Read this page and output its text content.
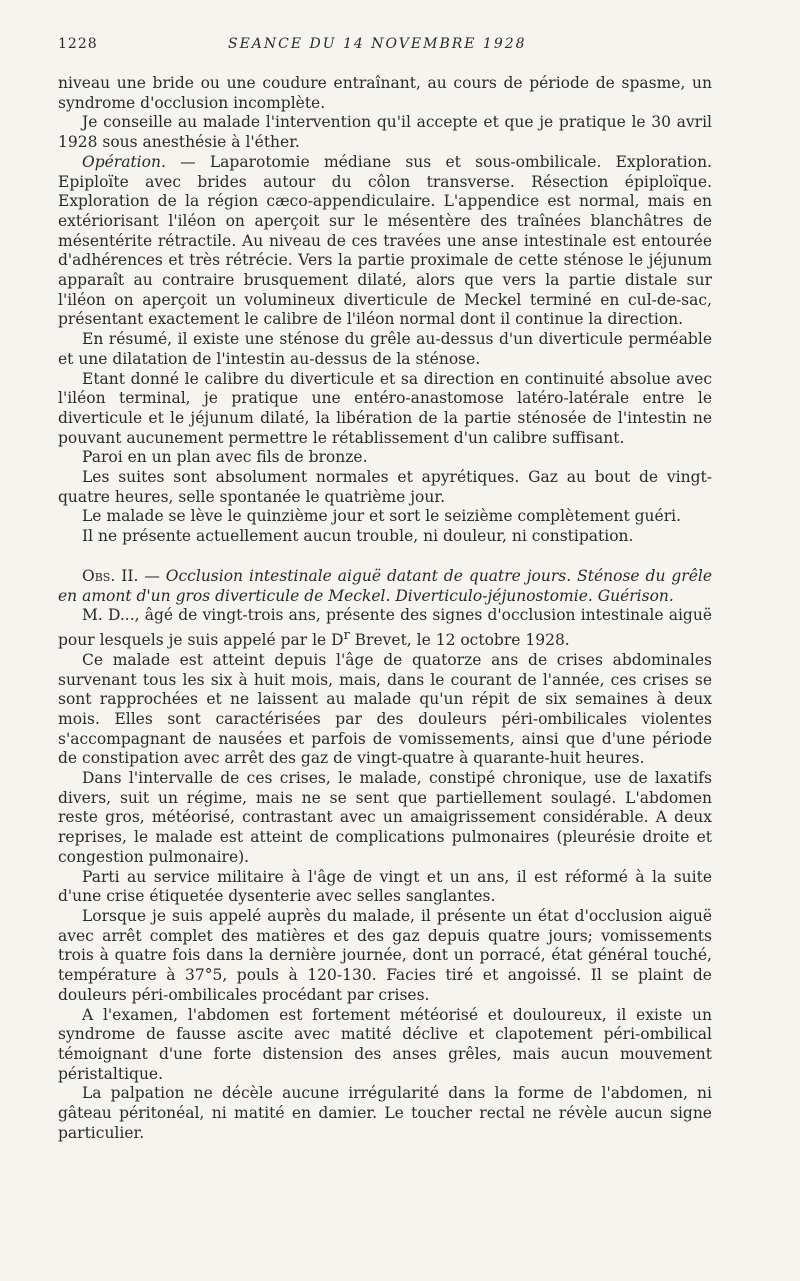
1228	SEANCE DU 14 NOVEMBRE 1928

niveau une bride ou une coudure entraînant, au cours de période de spasme, un syndrome d'occlusion incomplète.

Je conseille au malade l'intervention qu'il accepte et que je pratique le 30 avril 1928 sous anesthésie à l'éther.

Opération. — Laparotomie médiane sus et sous-ombilicale. Exploration. Epiploïte avec brides autour du côlon transverse. Résection épiploïque. Exploration de la région cæco-appendiculaire. L'appendice est normal, mais en extériorisant l'iléon on aperçoit sur le mésentère des traînées blanchâtres de mésentérite rétractile. Au niveau de ces travées une anse intestinale est entourée d'adhérences et très rétrécie. Vers la partie proximale de cette sténose le jéjunum apparaît au contraire brusquement dilaté, alors que vers la partie distale sur l'iléon on aperçoit un volumineux diverticule de Meckel terminé en cul-de-sac, présentant exactement le calibre de l'iléon normal dont il continue la direction.

En résumé, il existe une sténose du grêle au-dessus d'un diverticule perméable et une dilatation de l'intestin au-dessus de la sténose.

Etant donné le calibre du diverticule et sa direction en continuité absolue avec l'iléon terminal, je pratique une entéro-anastomose latéro-latérale entre le diverticule et le jéjunum dilaté, la libération de la partie sténosée de l'intestin ne pouvant aucunement permettre le rétablissement d'un calibre suffisant.

Paroi en un plan avec fils de bronze.

Les suites sont absolument normales et apyrétiques. Gaz au bout de vingt-quatre heures, selle spontanée le quatrième jour.

Le malade se lève le quinzième jour et sort le seizième complètement guéri.

Il ne présente actuellement aucun trouble, ni douleur, ni constipation.

Obs. II. — Occlusion intestinale aiguë datant de quatre jours. Sténose du grêle en amont d'un gros diverticule de Meckel. Diverticulo-jéjunostomie. Guérison.

M. D..., âgé de vingt-trois ans, présente des signes d'occlusion intestinale aiguë pour lesquels je suis appelé par le $D^r$ Brevet, le 12 octobre 1928.

Ce malade est atteint depuis l'âge de quatorze ans de crises abdominales survenant tous les six à huit mois, mais, dans le courant de l'année, ces crises se sont rapprochées et ne laissent au malade qu'un répit de six semaines à deux mois. Elles sont caractérisées par des douleurs péri-ombilicales violentes s'accompagnant de nausées et parfois de vomissements, ainsi que d'une période de constipation avec arrêt des gaz de vingt-quatre à quarante-huit heures.

Dans l'intervalle de ces crises, le malade, constipé chronique, use de laxatifs divers, suit un régime, mais ne se sent que partiellement soulagé. L'abdomen reste gros, météorisé, contrastant avec un amaigrissement considérable. A deux reprises, le malade est atteint de complications pulmonaires (pleurésie droite et congestion pulmonaire).

Parti au service militaire à l'âge de vingt et un ans, il est réformé à la suite d'une crise étiquetée dysenterie avec selles sanglantes.

Lorsque je suis appelé auprès du malade, il présente un état d'occlusion aiguë avec arrêt complet des matières et des gaz depuis quatre jours; vomissements trois à quatre fois dans la dernière journée, dont un porracé, état général touché, température à 37°5, pouls à 120-130. Facies tiré et angoissé. Il se plaint de douleurs péri-ombilicales procédant par crises.

A l'examen, l'abdomen est fortement météorisé et douloureux, il existe un syndrome de fausse ascite avec matité déclive et clapotement péri-ombilical témoignant d'une forte distension des anses grêles, mais aucun mouvement péristaltique.

La palpation ne décèle aucune irrégularité dans la forme de l'abdomen, ni gâteau péritonéal, ni matité en damier. Le toucher rectal ne révèle aucun signe particulier.
